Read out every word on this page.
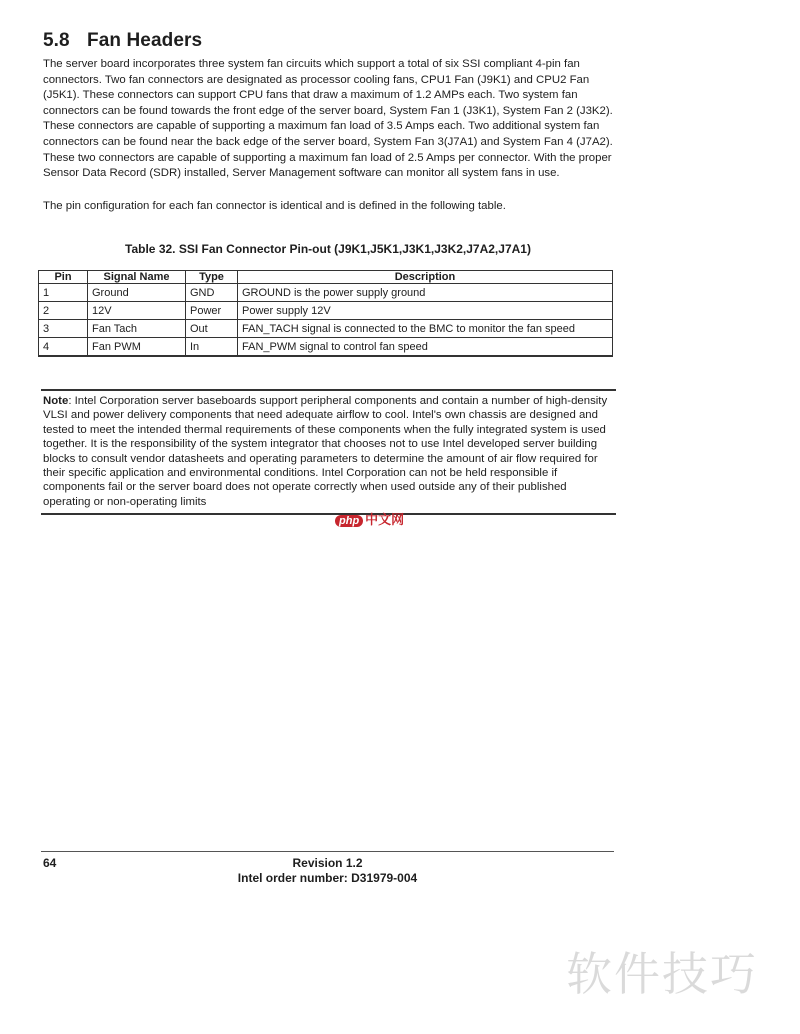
5.8 Fan Headers
The server board incorporates three system fan circuits which support a total of six SSI compliant 4-pin fan connectors. Two fan connectors are designated as processor cooling fans, CPU1 Fan (J9K1) and CPU2 Fan (J5K1). These connectors can support CPU fans that draw a maximum of 1.2 AMPs each. Two system fan connectors can be found towards the front edge of the server board, System Fan 1 (J3K1), System Fan 2 (J3K2). These connectors are capable of supporting a maximum fan load of 3.5 Amps each. Two additional system fan connectors can be found near the back edge of the server board, System Fan 3(J7A1) and System Fan 4 (J7A2). These two connectors are capable of supporting a maximum fan load of 2.5 Amps per connector. With the proper Sensor Data Record (SDR) installed, Server Management software can monitor all system fans in use.
The pin configuration for each fan connector is identical and is defined in the following table.
Table 32. SSI Fan Connector Pin-out (J9K1,J5K1,J3K1,J3K2,J7A2,J7A1)
Pin	Signal Name	Type	Description
1	Ground	GND	GROUND is the power supply ground
2	12V	Power	Power supply 12V
3	Fan Tach	Out	FAN_TACH signal is connected to the BMC to monitor the fan speed
4	Fan PWM	In	FAN_PWM signal to control fan speed
Note: Intel Corporation server baseboards support peripheral components and contain a number of high-density VLSI and power delivery components that need adequate airflow to cool. Intel's own chassis are designed and tested to meet the intended thermal requirements of these components when the fully integrated system is used together. It is the responsibility of the system integrator that chooses not to use Intel developed server building blocks to consult vendor datasheets and operating parameters to determine the amount of air flow required for their specific application and environmental conditions. Intel Corporation can not be held responsible if components fail or the server board does not operate correctly when used outside any of their published operating or non-operating limits
php 中文网
64	Revision 1.2
Intel order number: D31979-004
软件技巧
